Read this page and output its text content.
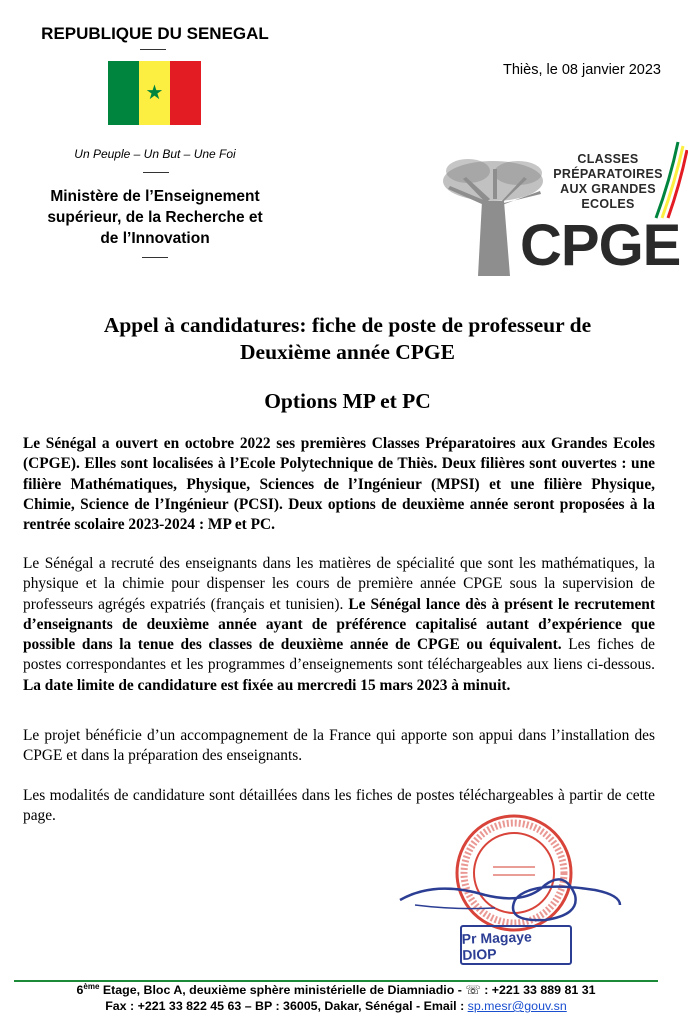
REPUBLIQUE DU SENEGAL
★
Un Peuple – Un But – Une Foi
Ministère de l’Enseignement
supérieur, de la Recherche et
de l’Innovation
Thiès, le 08 janvier 2023
CLASSES
PRÉPARATOIRES
AUX GRANDES
ECOLES
CPGE
Appel à candidatures: fiche de poste de professeur de
Deuxième année CPGE
Options MP et PC
Le Sénégal a ouvert en octobre 2022 ses premières Classes Préparatoires aux Grandes Ecoles (CPGE). Elles sont localisées à l’Ecole Polytechnique de Thiès. Deux filières sont ouvertes : une filière Mathématiques, Physique, Sciences de l’Ingénieur (MPSI) et une filière Physique, Chimie, Science de l’Ingénieur (PCSI). Deux options de deuxième année seront proposées à la rentrée scolaire 2023-2024 : MP et PC.
Le Sénégal a recruté des enseignants dans les matières de spécialité que sont les mathématiques, la physique et la chimie pour dispenser les cours de première année CPGE sous la supervision de professeurs agrégés expatriés (français et tunisien). Le Sénégal lance dès à présent le recrutement d’enseignants de deuxième année ayant de préférence capitalisé autant d’expérience que possible dans la tenue des classes de deuxième année de CPGE ou équivalent. Les fiches de postes correspondantes et les programmes d’enseignements sont téléchargeables aux liens ci-dessous. La date limite de candidature est fixée au mercredi 15 mars 2023 à minuit.
Le projet bénéficie d’un accompagnement de la France qui apporte son appui dans l’installation des CPGE et dans la préparation des enseignants.
Les modalités de candidature sont détaillées dans les fiches de postes téléchargeables à partir de cette page.
Pr Magaye DIOP
6ème Etage, Bloc A, deuxième sphère ministérielle de Diamniadio - ☏ : +221 33 889 81 31
Fax : +221 33 822 45 63 – BP : 36005, Dakar, Sénégal - Email : sp.mesr@gouv.sn
